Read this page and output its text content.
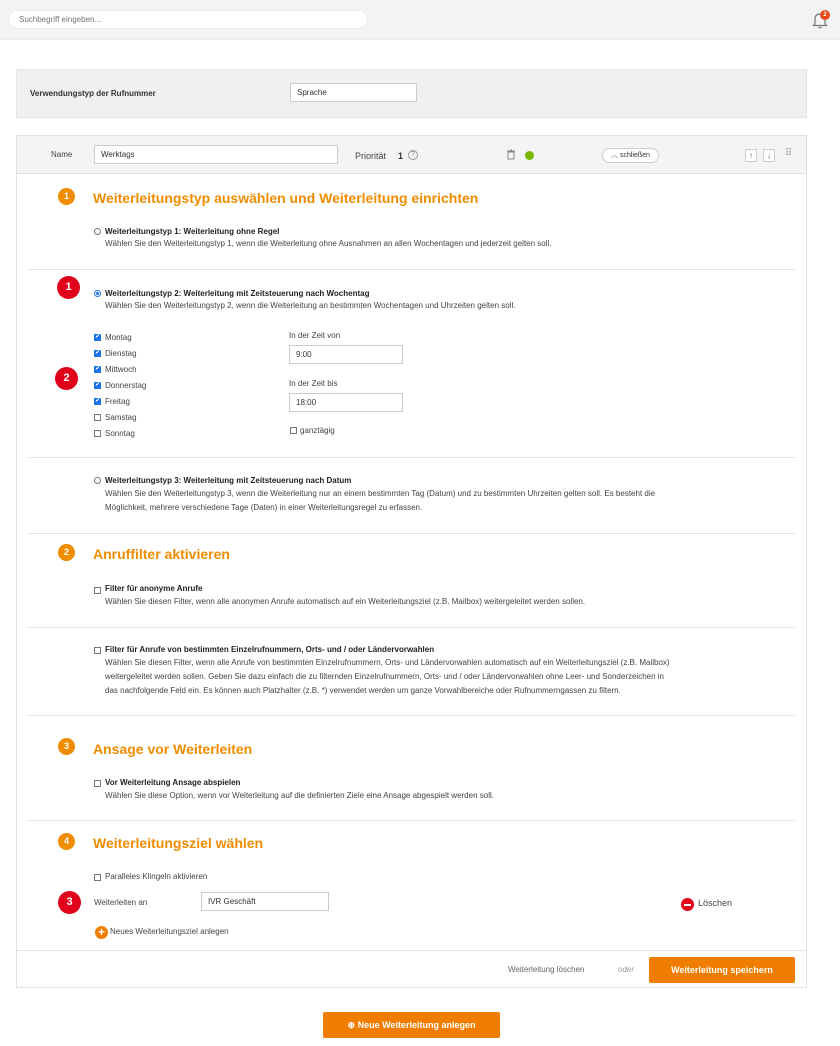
Suchbegriff eingeben...
2
Verwendungstyp der Rufnummer	Sprache
Name	Werktags	Priorität 1	?	︿ schließen	↑	↓	⠿
1	Weiterleitungstyp auswählen und Weiterleitung einrichten
Weiterleitungstyp 1: Weiterleitung ohne Regel
Wählen Sie den Weiterleitungstyp 1, wenn die Weiterleitung ohne Ausnahmen an allen Wochentagen und jederzeit gelten soll.
1
Weiterleitungstyp 2: Weiterleitung mit Zeitsteuerung nach Wochentag
Wählen Sie den Weiterleitungstyp 2, wenn die Weiterleitung an bestimmten Wochentagen und Uhrzeiten gelten soll.
2
✓
Montag
✓
Dienstag
✓
Mittwoch
✓
Donnerstag
✓
Freitag
Samstag
Sonntag
In der Zeit von
9:00
In der Zeit bis
18:00
ganztägig
Weiterleitungstyp 3: Weiterleitung mit Zeitsteuerung nach Datum
Wählen Sie den Weiterleitungstyp 3, wenn die Weiterleitung nur an einem bestimmten Tag (Datum) und zu bestimmten Uhrzeiten gelten soll. Es besteht die
Möglichkeit, mehrere verschiedene Tage (Daten) in einer Weiterleitungsregel zu erfassen.
2	Anruffilter aktivieren
Filter für anonyme Anrufe
Wählen Sie diesen Filter, wenn alle anonymen Anrufe automatisch auf ein Weiterleitungsziel (z.B. Mailbox) weitergeleitet werden sollen.
Filter für Anrufe von bestimmten Einzelrufnummern, Orts- und / oder Ländervorwahlen
Wählen Sie diesen Filter, wenn alle Anrufe von bestimmten Einzelrufnummern, Orts- und Ländervorwahlen automatisch auf ein Weiterleitungsziel (z.B. Mailbox)
weitergeleitet werden sollen. Geben Sie dazu einfach die zu filternden Einzelrufnummern, Orts- und / oder Ländervorwahlen ohne Leer- und Sonderzeichen in
das nachfolgende Feld ein. Es können auch Platzhalter (z.B. *) verwendet werden um ganze Vorwahlbereiche oder Rufnummerngassen zu filtern.
3	Ansage vor Weiterleiten
Vor Weiterleitung Ansage abspielen
Wählen Sie diese Option, wenn vor Weiterleitung auf die definierten Ziele eine Ansage abgespielt werden soll.
4	Weiterleitungsziel wählen
Paralleles Klingeln aktivieren
3	Weiterleiten an	IVR Geschäft	Löschen
+ Neues Weiterleitungsziel anlegen
Weiterleitung löschen	oder	Weiterleitung speichern
⊕ Neue Weiterleitung anlegen
